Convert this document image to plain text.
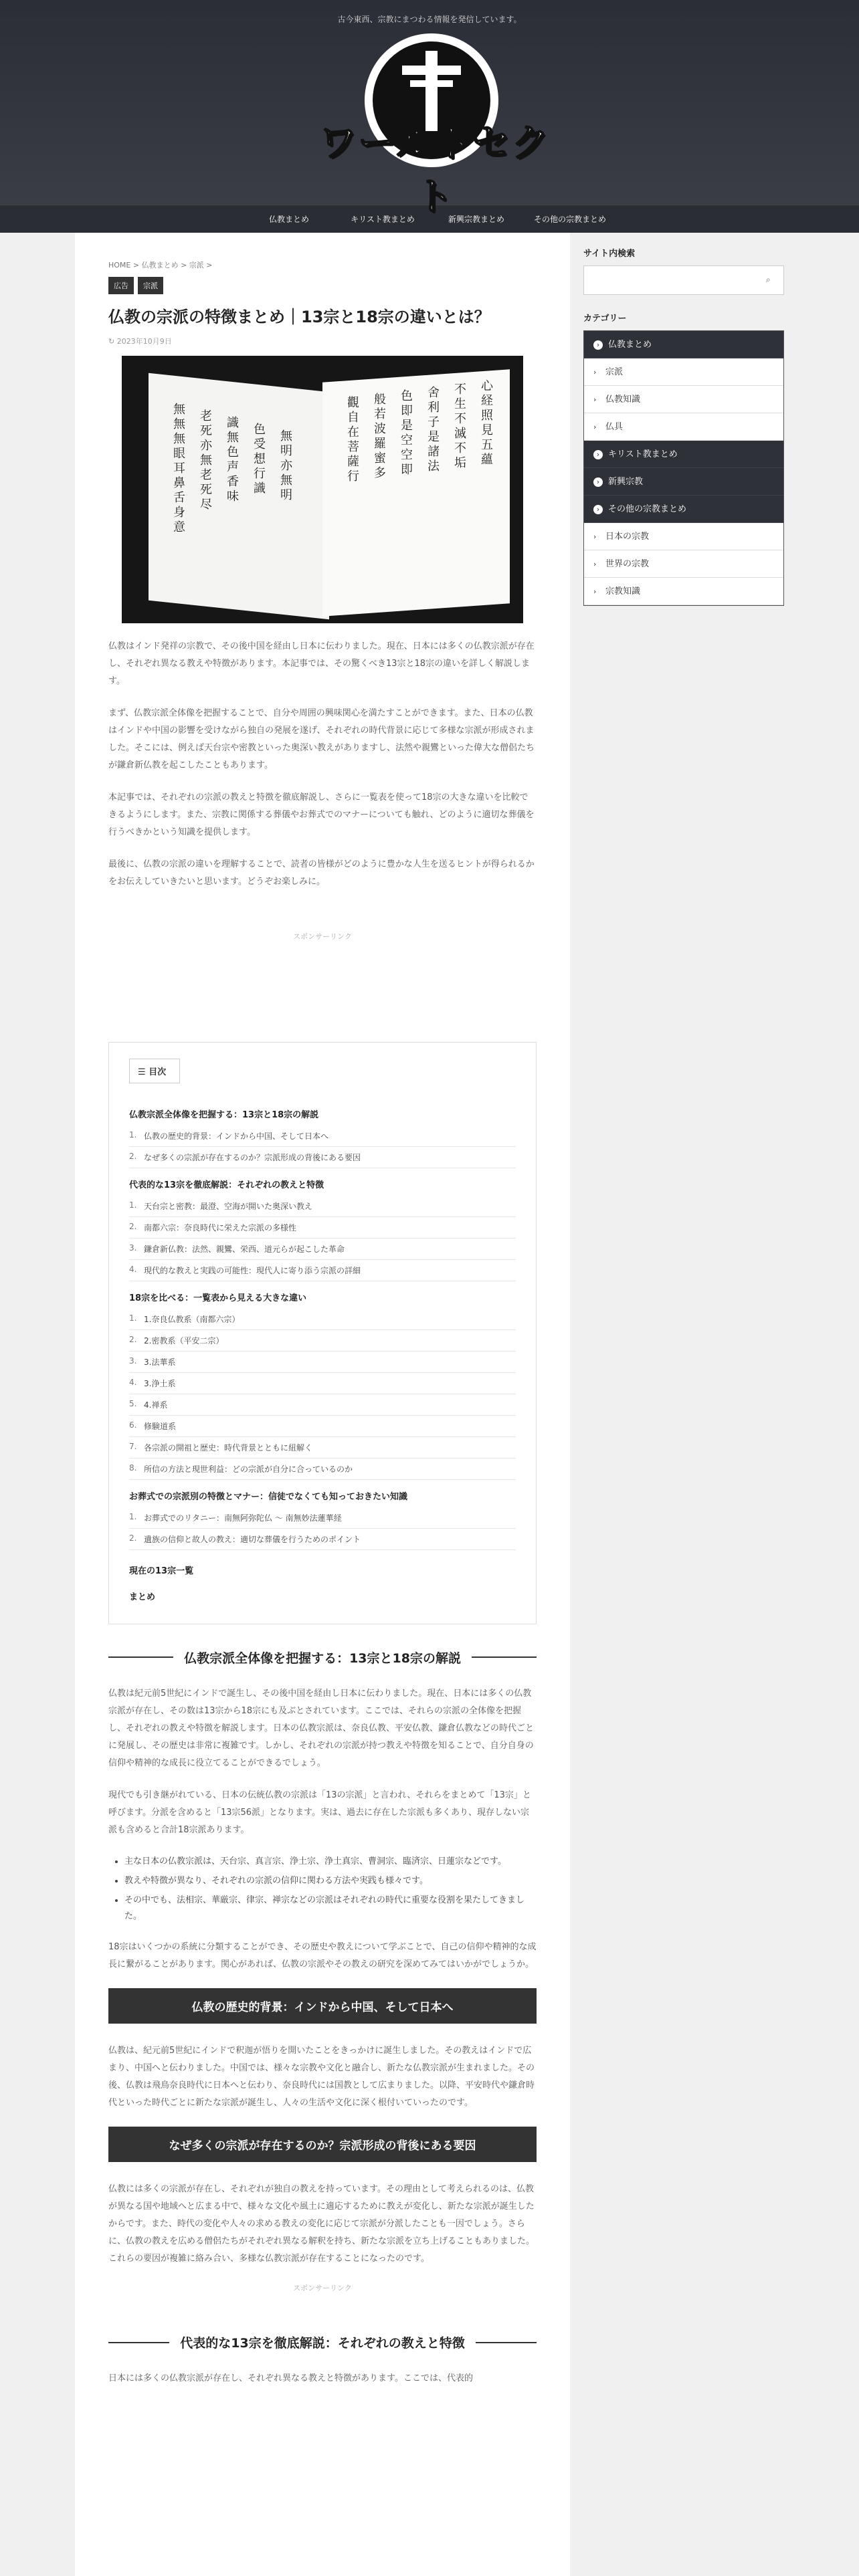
古今東西、宗教にまつわる情報を発信しています。
ワールドセクト
仏教まとめ	キリスト教まとめ	新興宗教まとめ	その他の宗教まとめ
HOME > 仏教まとめ > 宗派 >
広告	宗派
仏教の宗派の特徴まとめ｜13宗と18宗の違いとは？
↻ 2023年10月9日
無無無眼耳鼻舌身意 老死亦無老死尽 識無色声香味 色受想行識 無明亦無明	觀自在菩薩行 般若波羅蜜多 色即是空空即 舍利子是諸法 不生不滅不垢 心経照見五蘊

仏教はインド発祥の宗教で、その後中国を経由し日本に伝わりました。現在、日本には多くの仏教宗派が存在し、それぞれ異なる教えや特徴があります。本記事では、その驚くべき13宗と18宗の違いを詳しく解説します。

まず、仏教宗派全体像を把握することで、自分や周囲の興味関心を満たすことができます。また、日本の仏教はインドや中国の影響を受けながら独自の発展を遂げ、それぞれの時代背景に応じて多様な宗派が形成されました。そこには、例えば天台宗や密教といった奥深い教えがありますし、法然や親鸞といった偉大な僧侶たちが鎌倉新仏教を起こしたこともあります。

本記事では、それぞれの宗派の教えと特徴を徹底解説し、さらに一覧表を使って18宗の大きな違いを比較できるようにします。また、宗教に関係する葬儀やお葬式でのマナーについても触れ、どのように適切な葬儀を行うべきかという知識を提供します。

最後に、仏教の宗派の違いを理解することで、読者の皆様がどのように豊かな人生を送るヒントが得られるかをお伝えしていきたいと思います。どうぞお楽しみに。

スポンサーリンク
☰ 目次
仏教宗派全体像を把握する：13宗と18宗の解説
1. 仏教の歴史的背景：インドから中国、そして日本へ
2. なぜ多くの宗派が存在するのか？宗派形成の背後にある要因
代表的な13宗を徹底解説：それぞれの教えと特徴
1. 天台宗と密教：最澄、空海が開いた奥深い教え
2. 南都六宗：奈良時代に栄えた宗派の多様性
3. 鎌倉新仏教：法然、親鸞、栄西、道元らが起こした革命
4. 現代的な教えと実践の可能性：現代人に寄り添う宗派の詳細
18宗を比べる：一覧表から見える大きな違い
1. 1.奈良仏教系（南都六宗）
2. 2.密教系（平安二宗）
3. 3.法華系
4. 3.浄土系
5. 4.禅系
6. 修験道系
7. 各宗派の開祖と歴史：時代背景とともに紐解く
8. 所信の方法と現世利益：どの宗派が自分に合っているのか
お葬式での宗派別の特徴とマナー：信徒でなくても知っておきたい知識
1. お葬式でのリタニー：南無阿弥陀仏 〜 南無妙法蓮華経
2. 遺族の信仰と故人の教え：適切な葬儀を行うためのポイント
現在の13宗一覧
まとめ
仏教宗派全体像を把握する：13宗と18宗の解説

仏教は紀元前5世紀にインドで誕生し、その後中国を経由し日本に伝わりました。現在、日本には多くの仏教宗派が存在し、その数は13宗から18宗にも及ぶとされています。ここでは、それらの宗派の全体像を把握し、それぞれの教えや特徴を解説します。日本の仏教宗派は、奈良仏教、平安仏教、鎌倉仏教などの時代ごとに発展し、その歴史は非常に複雑です。しかし、それぞれの宗派が持つ教えや特徴を知ることで、自分自身の信仰や精神的な成長に役立てることができるでしょう。

現代でも引き継がれている、日本の伝統仏教の宗派は「13の宗派」と言われ、それらをまとめて「13宗」と呼びます。分派を含めると「13宗56派」となります。実は、過去に存在した宗派も多くあり、現存しない宗派も含めると合計18宗派あります。

• 主な日本の仏教宗派は、天台宗、真言宗、浄土宗、浄土真宗、曹洞宗、臨済宗、日蓮宗などです。
• 教えや特徴が異なり、それぞれの宗派の信仰に関わる方法や実践も様々です。
• その中でも、法相宗、華厳宗、律宗、禅宗などの宗派はそれぞれの時代に重要な役割を果たしてきました。

18宗はいくつかの系統に分類することができ、その歴史や教えについて学ぶことで、自己の信仰や精神的な成長に繋がることがあります。関心があれば、仏教の宗派やその教えの研究を深めてみてはいかがでしょうか。

仏教の歴史的背景：インドから中国、そして日本へ

仏教は、紀元前5世紀にインドで釈迦が悟りを開いたことをきっかけに誕生しました。その教えはインドで広まり、中国へと伝わりました。中国では、様々な宗教や文化と融合し、新たな仏教宗派が生まれました。その後、仏教は飛鳥奈良時代に日本へと伝わり、奈良時代には国教として広まりました。以降、平安時代や鎌倉時代といった時代ごとに新たな宗派が誕生し、人々の生活や文化に深く根付いていったのです。

なぜ多くの宗派が存在するのか？宗派形成の背後にある要因

仏教には多くの宗派が存在し、それぞれが独自の教えを持っています。その理由として考えられるのは、仏教が異なる国や地域へと広まる中で、様々な文化や風土に適応するために教えが変化し、新たな宗派が誕生したからです。また、時代の変化や人々の求める教えの変化に応じて宗派が分派したことも一因でしょう。さらに、仏教の教えを広める僧侶たちがそれぞれ異なる解釈を持ち、新たな宗派を立ち上げることもありました。これらの要因が複雑に絡み合い、多様な仏教宗派が存在することになったのです。

スポンサーリンク
代表的な13宗を徹底解説：それぞれの教えと特徴

日本には多くの仏教宗派が存在し、それぞれ異なる教えと特徴があります。ここでは、代表的

サイト内検索
⌕
カテゴリー
› 仏教まとめ
› 宗派
› 仏教知識
› 仏具
› キリスト教まとめ
› 新興宗教
› その他の宗教まとめ
› 日本の宗教
› 世界の宗教
› 宗教知識
